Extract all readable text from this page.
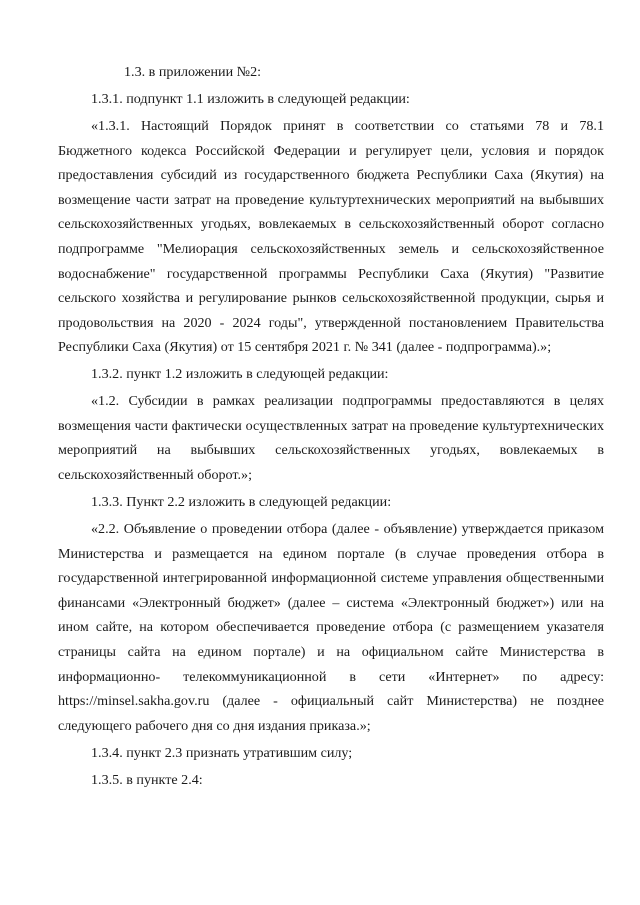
1.3. в приложении №2:

1.3.1. подпункт 1.1 изложить в следующей редакции:

«1.3.1. Настоящий Порядок принят в соответствии со статьями 78 и 78.1 Бюджетного кодекса Российской Федерации и регулирует цели, условия и порядок предоставления субсидий из государственного бюджета Республики Саха (Якутия) на возмещение части затрат на проведение культуртехнических мероприятий на выбывших сельскохозяйственных угодьях, вовлекаемых в сельскохозяйственный оборот согласно подпрограмме "Мелиорация сельскохозяйственных земель и сельскохозяйственное водоснабжение" государственной программы Республики Саха (Якутия) "Развитие сельского хозяйства и регулирование рынков сельскохозяйственной продукции, сырья и продовольствия на 2020 - 2024 годы", утвержденной постановлением Правительства Республики Саха (Якутия) от 15 сентября 2021 г. № 341 (далее - подпрограмма).»;

1.3.2. пункт 1.2 изложить в следующей редакции:

«1.2. Субсидии в рамках реализации подпрограммы предоставляются в целях возмещения части фактически осуществленных затрат на проведение культуртехнических мероприятий на выбывших сельскохозяйственных угодьях, вовлекаемых в сельскохозяйственный оборот.»;

1.3.3. Пункт 2.2 изложить в следующей редакции:

«2.2. Объявление о проведении отбора (далее - объявление) утверждается приказом Министерства и размещается на едином портале (в случае проведения отбора в государственной интегрированной информационной системе управления общественными финансами «Электронный бюджет» (далее – система «Электронный бюджет») или на ином сайте, на котором обеспечивается проведение отбора (с размещением указателя страницы сайта на едином портале) и на официальном сайте Министерства в информационно- телекоммуникационной в сети «Интернет» по адресу: https://minsel.sakha.gov.ru (далее - официальный сайт Министерства) не позднее следующего рабочего дня со дня издания приказа.»;

1.3.4. пункт 2.3 признать утратившим силу;

1.3.5. в пункте 2.4:
